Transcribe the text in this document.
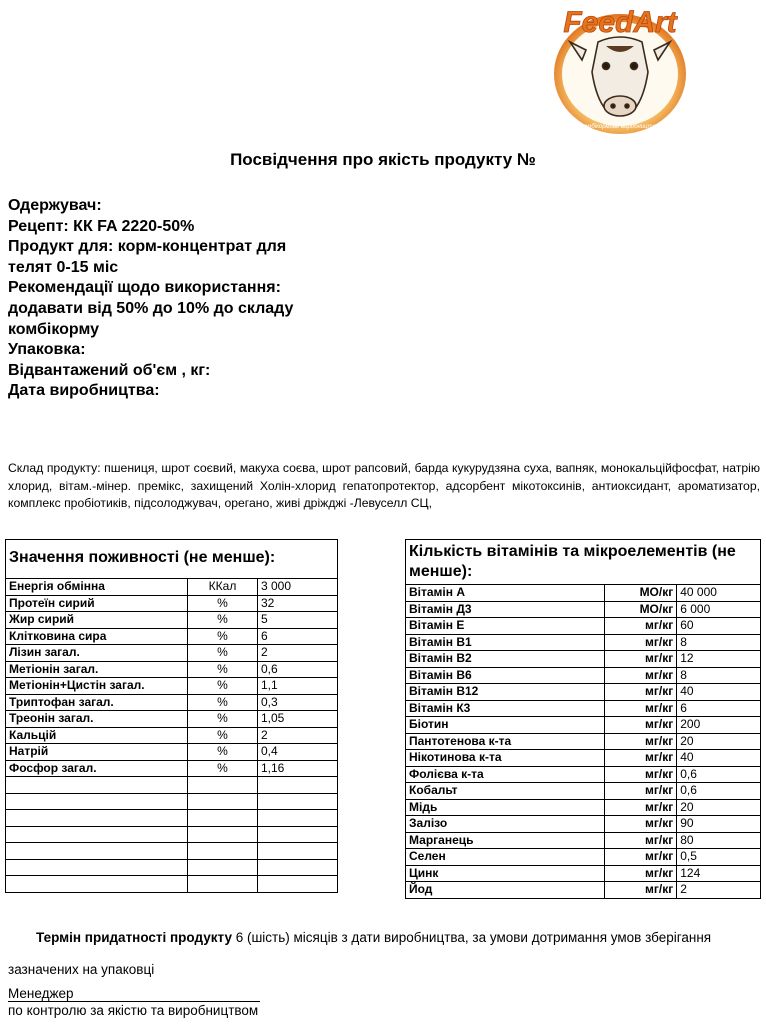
FeedArt
комбікормове виробництво
Посвідчення про якість продукту №
Одержувач:
Рецепт: КК FA 2220-50%
Продукт для: корм-концентрат для
телят 0-15 міс
Рекомендації щодо використання:
додавати від 50% до 10% до складу
комбікорму
Упаковка:
Відвантажений об'єм , кг:
Дата виробництва:
Склад продукту: пшениця, шрот соєвий, макуха соєва, шрот рапсовий, барда кукурудзяна суха, вапняк, монокальційфосфат, натрію хлорид, вітам.-мінер. премікс, захищений Холін-хлорид гепатопротектор, адсорбент мікотоксинів, антиоксидант, ароматизатор, комплекс пробіотиків, підсолоджувач, орегано, живі дріжджі -Левуселл СЦ,
Значення поживності (не менше):		
Енергія обмінна	ККал	3 000
Протеїн сирий	%	32
Жир сирий	%	5
Клітковина сира	%	6
Лізин загал.	%	2
Метіонін загал.	%	0,6
Метіонін+Цистін загал.	%	1,1
Триптофан загал.	%	0,3
Треонін загал.	%	1,05
Кальцій	%	2
Натрій	%	0,4
Фосфор загал.	%	1,16

Кількість вітамінів та мікроелементів (не менше):		
Вітамін А	МО/кг	40 000
Вітамін Д3	МО/кг	6 000
Вітамін Е	мг/кг	60
Вітамін В1	мг/кг	8
Вітамін В2	мг/кг	12
Вітамін В6	мг/кг	8
Вітамін В12	мг/кг	40
Вітамін К3	мг/кг	6
Біотин	мг/кг	200
Пантотенова к-та	мг/кг	20
Нікотинова к-та	мг/кг	40
Фолієва к-та	мг/кг	0,6
Кобальт	мг/кг	0,6
Мідь	мг/кг	20
Залізо	мг/кг	90
Марганець	мг/кг	80
Селен	мг/кг	0,5
Цинк	мг/кг	124
Йод	мг/кг	2
Термін придатності продукту 6 (шість) місяців з дати виробництва, за умови дотримання умов зберігання зазначених на упаковці
Менеджер
по контролю за якістю та виробництвом
